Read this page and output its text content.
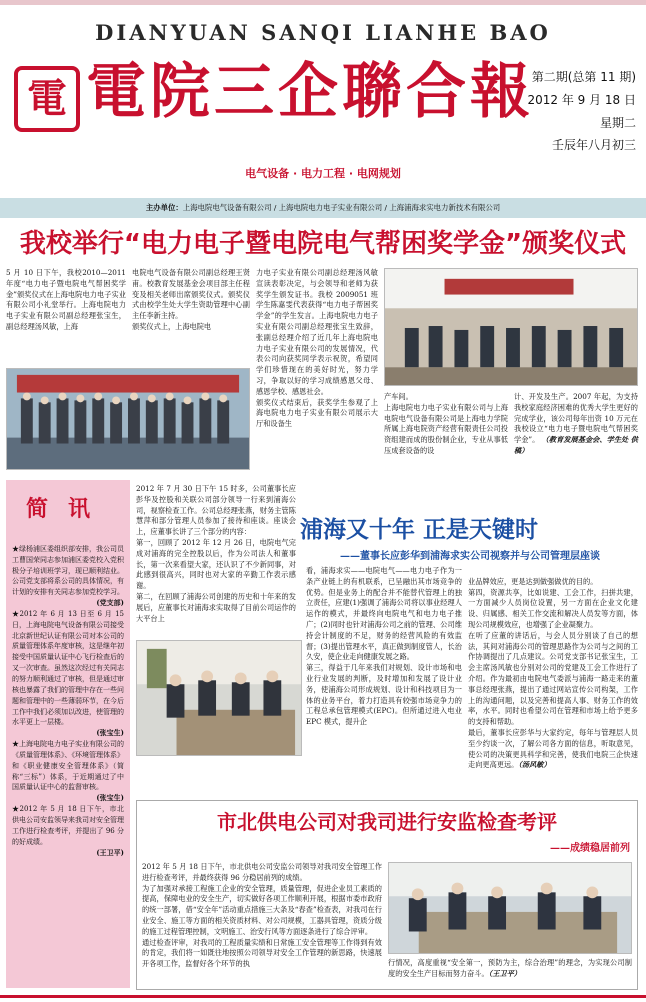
DIANYUAN SANQI LIANHE BAO
電 電院三企聯合報
第二期(总第 11 期)
2012 年 9 月 18 日
星期二
壬辰年八月初三
电气设备 · 电力工程 · 电网规划
主办单位： 上海电院电气设备有限公司 / 上海电院电力电子实业有限公司 / 上海浦海求实电力新技术有限公司
我校举行“电力电子暨电院电气帮困奖学金”颁奖仪式
5 月 10 日下午，我校2010—2011 年度“电力电子暨电院电气帮困奖学金”颁奖仪式在上海电院电力电子实业有限公司小礼堂举行。上海电院电力电子实业有限公司副总经理张宝生，副总经理汤风敏，上海
电院电气设备有限公司副总经理王贤甫。校教育发展基金会项目部主任程变及相关老师出席颁奖仪式。颁奖仪式由校学生处大学生资助管理中心副主任李新主持。
颁奖仪式上，上海电院电
力电子实业有限公司副总经理汤风敏宣读表彰决定，与会领导和老师为获奖学生颁发证书。我校 2009051 班学生陈嘉雯代表获得“电力电子帮困奖学金”的学生发言。上海电院电力电子实业有限公司副总经理张宝生致辞，张副总经理介绍了近几年上海电院电力电子实业有限公司的发展情况，代表公司向获奖同学表示祝贺，希望同学们珍惜现在的美好时光，努力学习，争取以好的学习成绩感恩父母、感恩学校、感恩社会。
颁奖仪式结束后，获奖学生参观了上海电院电力电子实业有限公司展示大厅和设备生
产车间。
上海电院电力电子实业有限公司与上海电院电气设备有限公司是上海电力学院所属上海电院资产经营有限责任公司投资组建而成的股份制企业，专业从事低压成套设备的设
计、开发及生产。2007 年起，为支持我校家庭经济困难的优秀大学生更好的完成学业，该公司每年出资 10 万元在我校设立“电力电子暨电院电气帮困奖学金”。 （教育发展基金会、学生处 供稿）
简讯

★绿杨浦区委组织部安排，我公司员工曹国荣同志参加浦区委党校入党积极分子培训班学习，现已顺利结业。公司党支部将系公司的具体情况，有计划的安排有关同志参加党校学习。
(党支部)

★2012 年 6 月 13 日至 6 月 15 日，上海电院电气设备有限公司接受北京新世纪认证有限公司对本公司的质量管理体系年度审核，这是继年初接受中国质量认证中心飞行检查后的又一次审查。虽然这次经过有关同志的努力顺利通过了审核，但是通过审核也暴露了我们的管理中存在一些问题和管理中的一些薄弱环节，在今后工作中我们必须加以改进，使管理的水平更上一层楼。
(张宝生)

★上海电院电力电子实业有限公司的《质量管理体系》、《环境管理体系》和《职业健康安全管理体系》（简称“三标”）体系，于近期通过了中国质量认证中心的监督审核。
(张宝生)

★2012 年 5 月 18 日下午，市北供电公司安监领导来我司对安全管理工作进行检查考评，并提出了 96 分的好成绩。
(王卫平)

2012 年 7 月 30 日下午 15 时多，公司董事长应彭华及控股和关联公司部分领导一行来到浦海公司，视察检查工作。公司总经理张燕，财务主管陈慧萍和部分管理人员参加了接待和座谈。座谈会上，应董事长讲了三个部分的内容：
第一，回顾了 2012 年 12 月 26 日，电院电气完成对浦海的完全控股以后，作为公司法人和董事长，第一次来看望大家，还认识了不少新同事，对此感到很高兴，同时也对大家的辛勤工作表示感谢。
第二，在回顾了浦海公司创建的历史和十年来的发展后，应董事长对浦海求实取得了目前公司运作的大平台上
浦海又十年 正是天键时
——董事长应彭华到浦海求实公司视察并与公司管理层座谈
看，浦海求实——电院电气——电力电子作为一条产业链上的有机联系，已呈融出其市场竞争的优势。但是业务上的配合并不能替代管理上的独立责任，应建(1)强调了浦海公司将以事业经理人运作的模式，并最终向电院电气和电力电子推广；(2)同时也针对浦海公司之前的管理、公司维持会计制度的不足，财务的经营风险的有效监督；(3)提出管理水平，真正做到制度管人，长治久安，使企业走向健康发展之路。
第三，得益于几年来我们对规划、设计市场和电业行业发展的判断，及时增加和发展了设计业务，使浦海公司形成规划、设计和科技项目为一体的业务平台，着力打造具有较强市场竞争力的工程总承包管理模式(EPC)。但所通过进入电业 EPC 模式，提升企

业品牌效应，更是达到做强做优的目的。
第四，资源共享，比如说建、工会工作，扫拼共建，一方面减少人员岗位设置，另一方面在企业文化建设、归属感、相关工作交流和解决人员发等方面，体现公司规模效应，也增强了企业凝聚力。
在听了应董的讲话后，与会人员分别谈了自己的想法，其间对浦海公司的管理思路作为公司与之间的工作协调提出了几点建议。公司党支部书记张宝生，工会主席汤风敏也分别对公司的党建及工会工作进行了介绍。作为最初由电院电气委派与浦海一路走来的董事总经理张燕，提出了通过网站宣传公司构架，工作上的沟通问题，以及完善和提高人事、财务工作的效率，水平。同时也希望公司在管理和市场上给予更多的支持和帮助。
最后，董事长应彭华与大家约定，每年与管理层人员至少约谈一次，了解公司各方面的信息，听取意见，使公司的决策更具科学和完善，使我们电院三企快速走向更高更远。（汤风敏）

市北供电公司对我司进行安监检查考评
——成绩稳居前列
2012 年 5 月 18 日下午，市北供电公司安监公司领导对我司安全管理工作进行检查考评，并最终获得 96 分稳居前列的成绩。
为了加强对承接工程施工企业的安全管理，质量管理，促进企业员工素质的提高，保障电业的安全生产，切实做好各项工作顺利开展，根据市委市政府的统一部署，借“安全年”活动重点措施三大条及“春查”检查表，对我司在行业安全、施工等方面的相关资质材料、对公司规模，工器具管理，资质分级的施工过程管理控制，文明施工、治安行风等方面逐条进行了综合评审。
通过检查评审，对我司的工程质量实绩和日常施工安全管理等工作得到有效的肯定，我们将一如既往地按照公司领导对安全工作管理的新思路，快速展开各项工作，监督好各个环节的执	行情况，高度重视“安全第一，预防为主，综合治理”的理念，为实现公司制度的安全生产目标而努力奋斗。（王卫平）
